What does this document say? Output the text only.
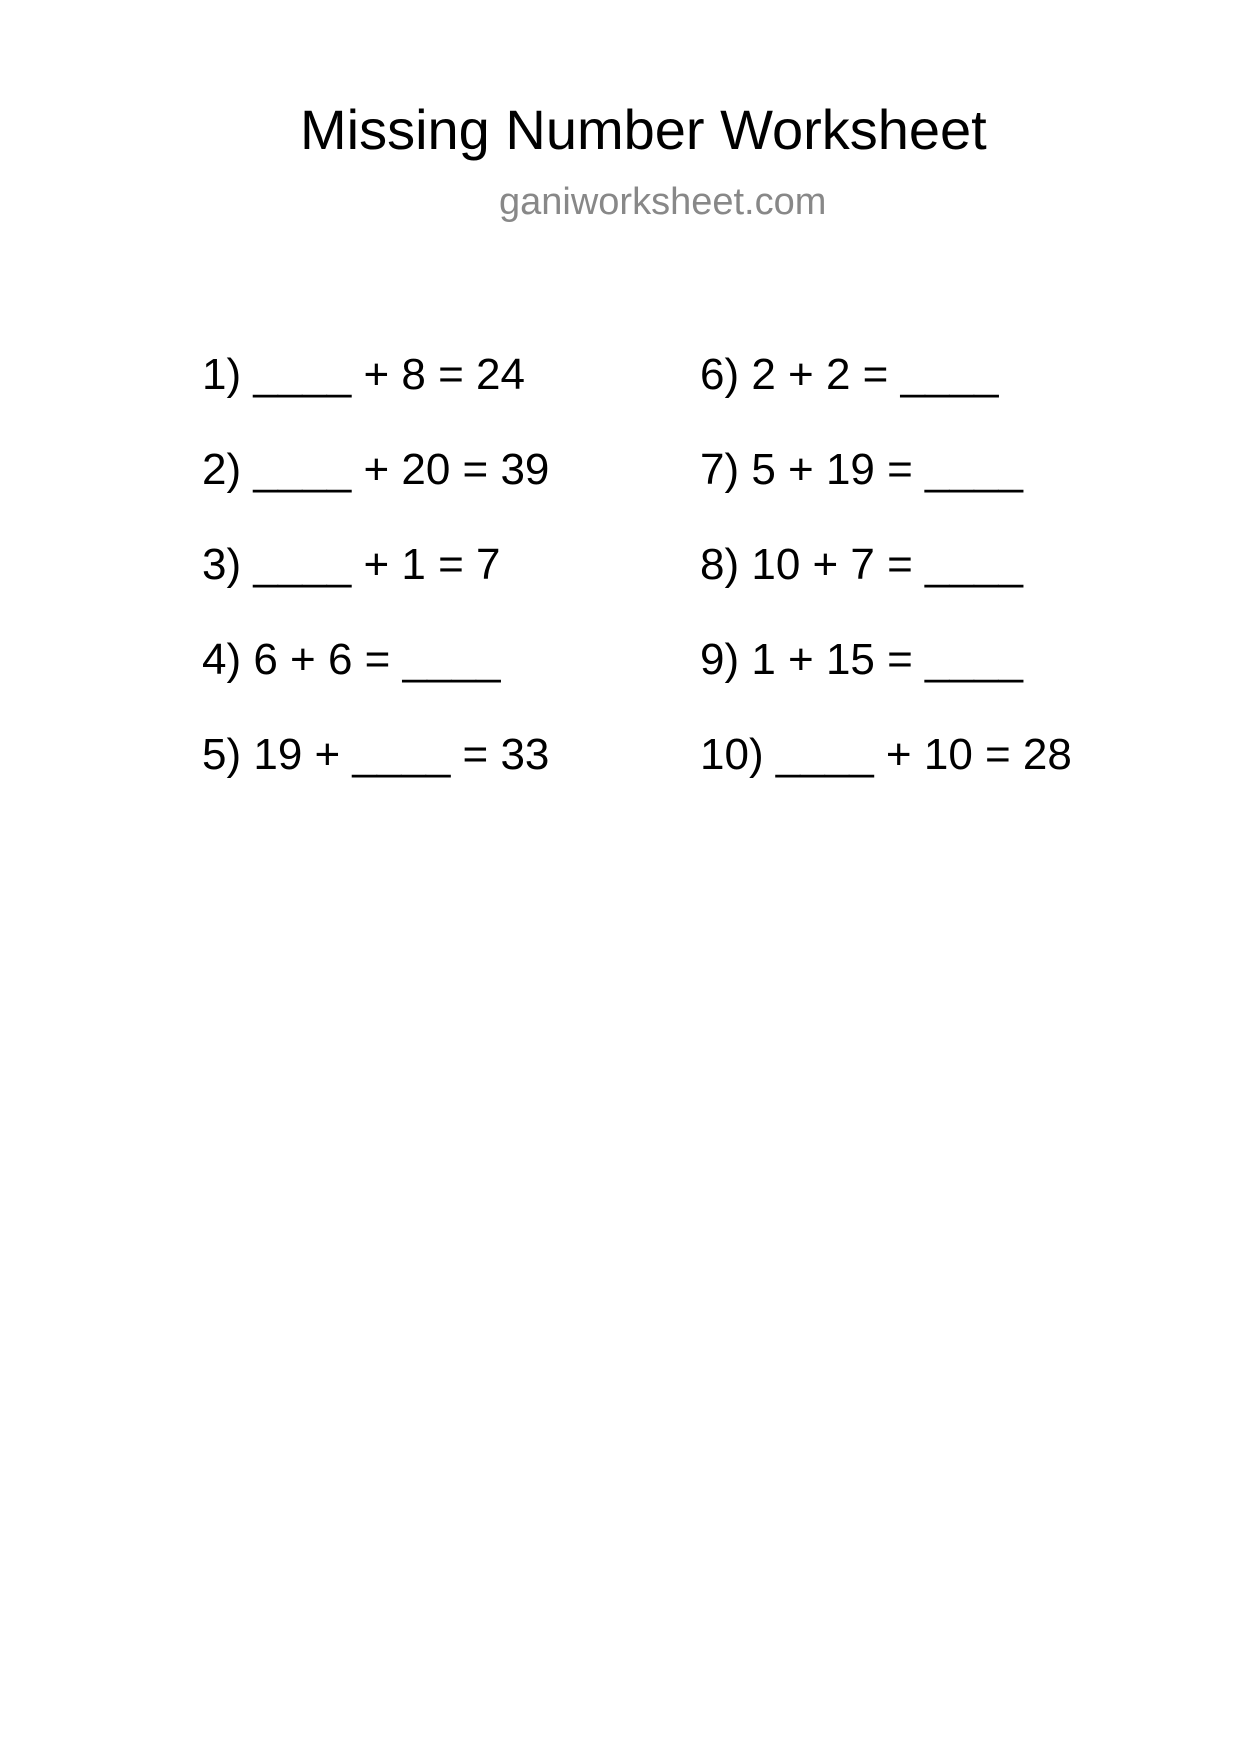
Missing Number Worksheet
ganiworksheet.com
1) ____ + 8 = 24
2) ____ + 20 = 39
3) ____ + 1 = 7
4) 6 + 6 = ____
5) 19 + ____ = 33
6) 2 + 2 = ____
7) 5 + 19 = ____
8) 10 + 7 = ____
9) 1 + 15 = ____
10) ____ + 10 = 28
